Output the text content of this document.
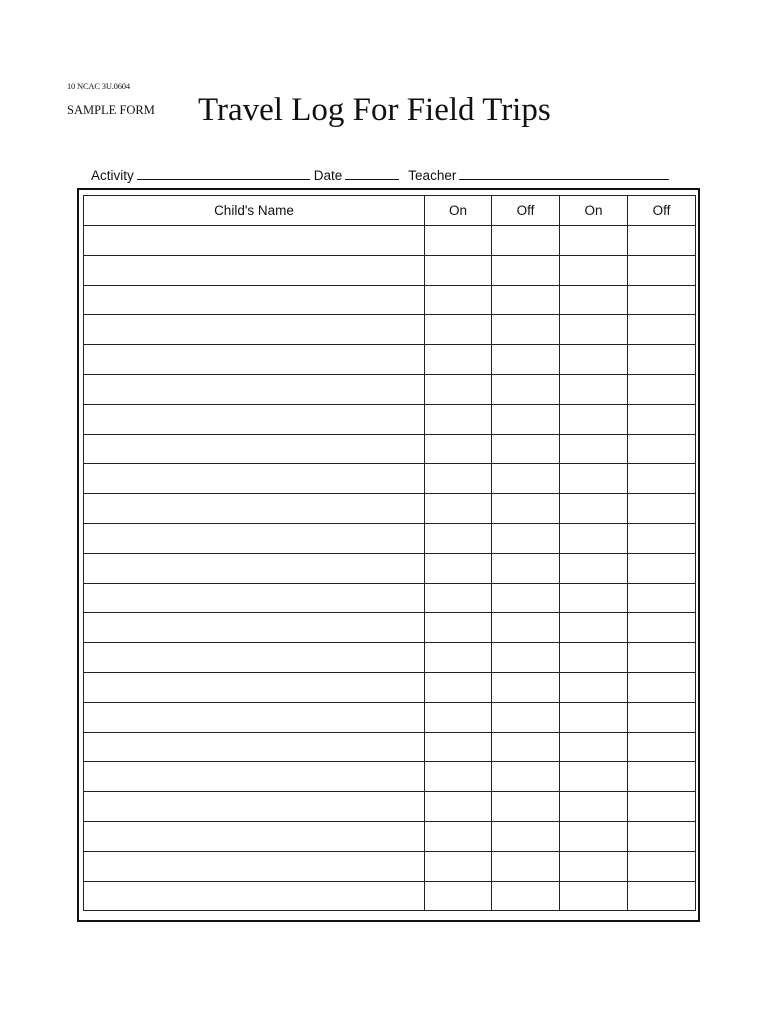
10 NCAC 3U.0604
SAMPLE FORM Travel Log For Field Trips
Activity	Date	Teacher
Child's Name	On	Off	On	Off
